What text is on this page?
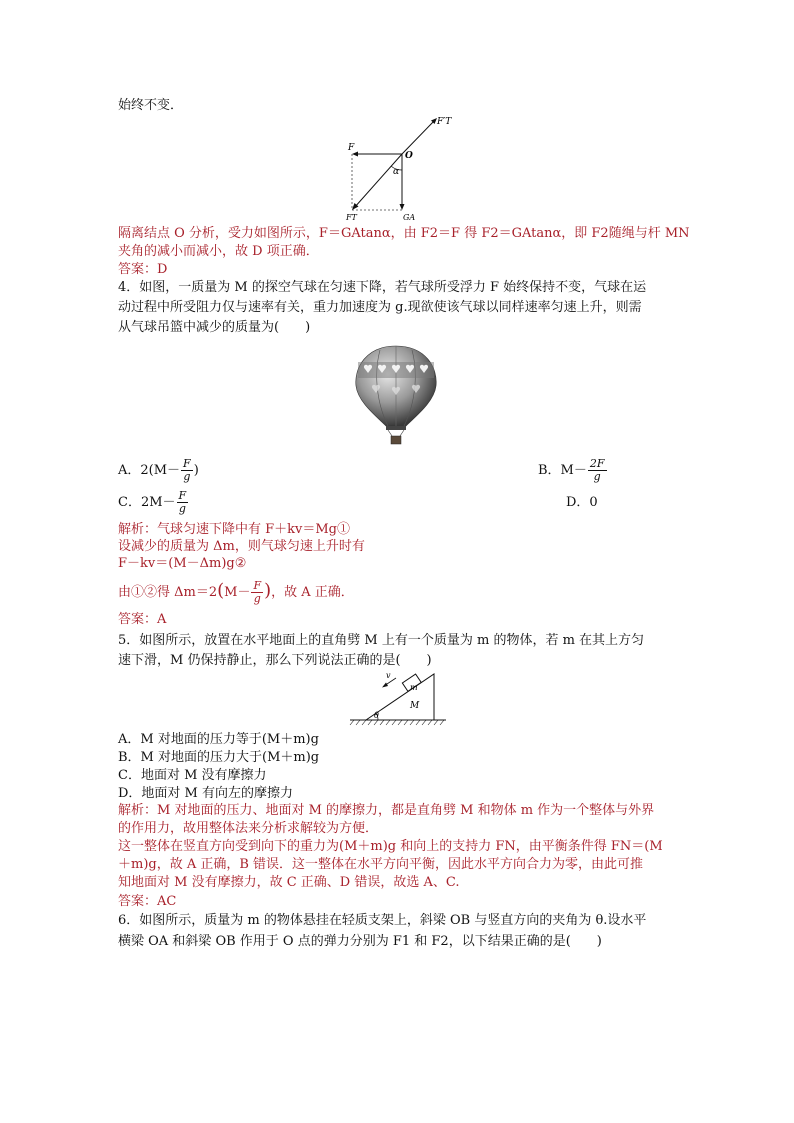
始终不变．
F′T
F
O
α
FT	GA
隔离结点 O 分析，受力如图所示，F＝GAtanα，由 F2＝F 得 F2＝GAtanα，即 F2随绳与杆 MN
夹角的减小而减小，故 D 项正确．
答案：D
4．如图，一质量为 M 的探空气球在匀速下降，若气球所受浮力 F 始终保持不变，气球在运
动过程中所受阻力仅与速率有关，重力加速度为 g.现欲使该气球以同样速率匀速上升，则需
从气球吊篮中减少的质量为(　　)
A．$2(M- \frac{F}{g}$ )	B．$M- \frac{2F}{g}$
C．$2M- \frac{F}{g}$	D．0
解析：气球匀速下降中有 F＋kv＝Mg①
设减少的质量为 Δm，则气球匀速上升时有
F－kv＝(M－Δm)g②
由①②得 $\Delta m=2(M- \frac{F}{g}$ )，故 A 正确．
答案：A
5．如图所示，放置在水平地面上的直角劈 M 上有一个质量为 m 的物体，若 m 在其上方匀
速下滑，M 仍保持静止，那么下列说法正确的是(　　)
m
v
M
θ
A．M 对地面的压力等于(M＋m)g
B．M 对地面的压力大于(M＋m)g
C．地面对 M 没有摩擦力
D．地面对 M 有向左的摩擦力
解析：M 对地面的压力、地面对 M 的摩擦力，都是直角劈 M 和物体 m 作为一个整体与外界
的作用力，故用整体法来分析求解较为方便．
这一整体在竖直方向受到向下的重力为(M＋m)g 和向上的支持力 FN，由平衡条件得 FN＝(M
＋m)g，故 A 正确，B 错误．这一整体在水平方向平衡，因此水平方向合力为零，由此可推
知地面对 M 没有摩擦力，故 C 正确、D 错误，故选 A、C.
答案：AC
6．如图所示，质量为 m 的物体悬挂在轻质支架上，斜梁 OB 与竖直方向的夹角为 θ.设水平
横梁 OA 和斜梁 OB 作用于 O 点的弹力分别为 F1 和 F2，以下结果正确的是(　　)
